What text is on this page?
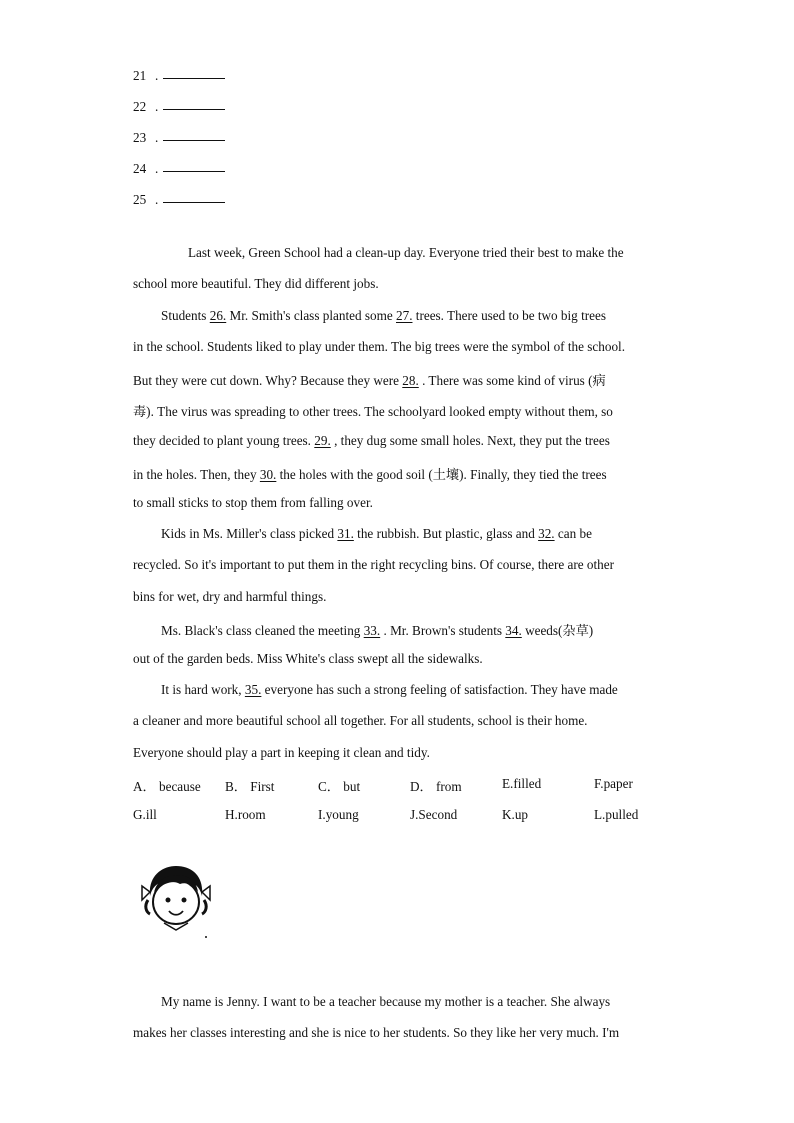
21 .
22 .
23 .
24 .
25 .
Last week, Green School had a clean-up day. Everyone tried their best to make the
school more beautiful. They did different jobs.
Students 26. Mr. Smith's class planted some 27. trees. There used to be two big trees
in the school. Students liked to play under them. The big trees were the symbol of the school.
But they were cut down. Why? Because they were 28. . There was some kind of virus (病
毒). The virus was spreading to other trees. The schoolyard looked empty without them, so
they decided to plant young trees. 29. , they dug some small holes. Next, they put the trees
in the holes. Then, they 30. the holes with the good soil (土壤). Finally, they tied the trees
to small sticks to stop them from falling over.
Kids in Ms. Miller's class picked 31. the rubbish. But plastic, glass and 32. can be
recycled. So it's important to put them in the right recycling bins. Of course, there are other
bins for wet, dry and harmful things.
Ms. Black's class cleaned the meeting 33. . Mr. Brown's students 34. weeds(杂草)
out of the garden beds. Miss White's class swept all the sidewalks.
It is hard work, 35. everyone has such a strong feeling of satisfaction. They have made
a cleaner and more beautiful school all together. For all students, school is their home.
Everyone should play a part in keeping it clean and tidy.
A． because B． First	C． but	D． from	E.filled	F.paper
G.ill	H.room	I.young	J.Second	K.up	L.pulled
My name is Jenny. I want to be a teacher because my mother is a teacher. She always
makes her classes interesting and she is nice to her students. So they like her very much. I'm
